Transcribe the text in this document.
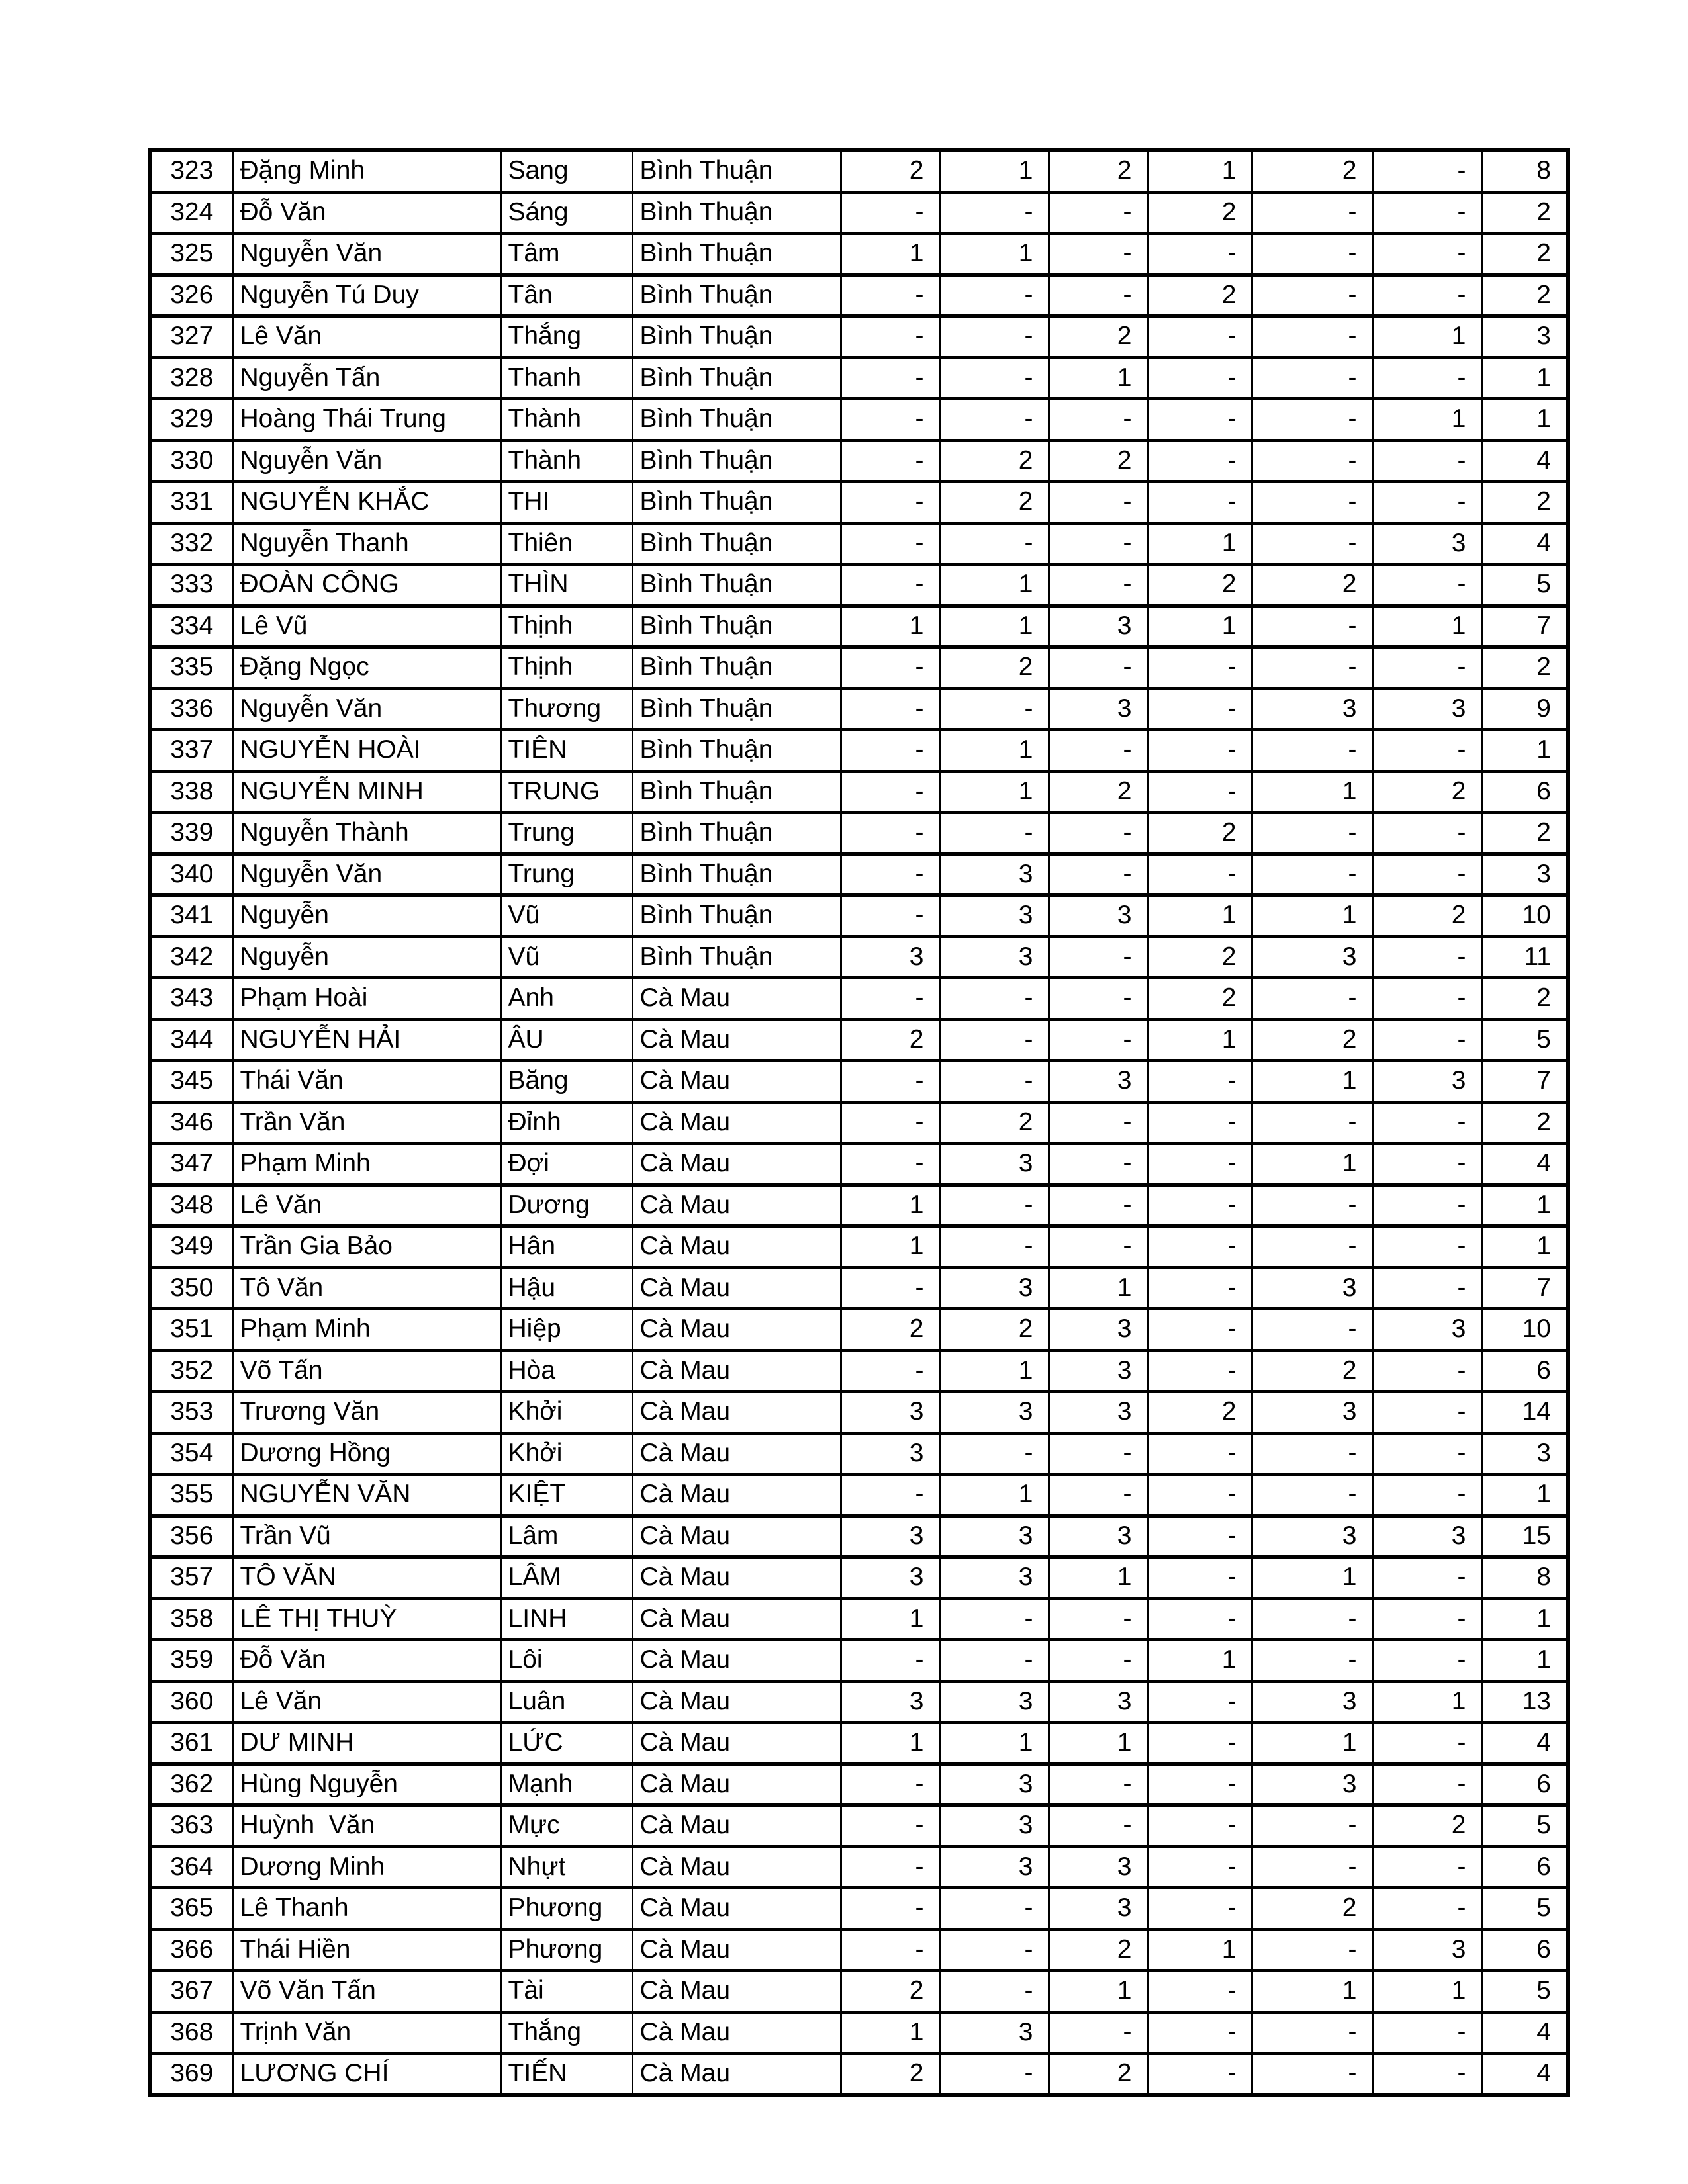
323	Đặng Minh	Sang	Bình Thuận	2	1	2	1	2	-	8
324	Đỗ Văn	Sáng	Bình Thuận	-	-	-	2	-	-	2
325	Nguyễn Văn	Tâm	Bình Thuận	1	1	-	-	-	-	2
326	Nguyễn Tú Duy	Tân	Bình Thuận	-	-	-	2	-	-	2
327	Lê Văn	Thắng	Bình Thuận	-	-	2	-	-	1	3
328	Nguyễn Tấn	Thanh	Bình Thuận	-	-	1	-	-	-	1
329	Hoàng Thái Trung	Thành	Bình Thuận	-	-	-	-	-	1	1
330	Nguyễn Văn	Thành	Bình Thuận	-	2	2	-	-	-	4
331	NGUYỄN KHẮC	THI	Bình Thuận	-	2	-	-	-	-	2
332	Nguyễn Thanh	Thiên	Bình Thuận	-	-	-	1	-	3	4
333	ĐOÀN CÔNG	THÌN	Bình Thuận	-	1	-	2	2	-	5
334	Lê Vũ	Thịnh	Bình Thuận	1	1	3	1	-	1	7
335	Đặng Ngọc	Thịnh	Bình Thuận	-	2	-	-	-	-	2
336	Nguyễn Văn	Thương	Bình Thuận	-	-	3	-	3	3	9
337	NGUYỄN HOÀI	TIÊN	Bình Thuận	-	1	-	-	-	-	1
338	NGUYỄN MINH	TRUNG	Bình Thuận	-	1	2	-	1	2	6
339	Nguyễn Thành	Trung	Bình Thuận	-	-	-	2	-	-	2
340	Nguyễn Văn	Trung	Bình Thuận	-	3	-	-	-	-	3
341	Nguyễn	Vũ	Bình Thuận	-	3	3	1	1	2	10
342	Nguyễn	Vũ	Bình Thuận	3	3	-	2	3	-	11
343	Phạm Hoài	Anh	Cà Mau	-	-	-	2	-	-	2
344	NGUYỄN HẢI	ÂU	Cà Mau	2	-	-	1	2	-	5
345	Thái Văn	Băng	Cà Mau	-	-	3	-	1	3	7
346	Trần Văn	Đỉnh	Cà Mau	-	2	-	-	-	-	2
347	Phạm Minh	Đợi	Cà Mau	-	3	-	-	1	-	4
348	Lê Văn	Dương	Cà Mau	1	-	-	-	-	-	1
349	Trần Gia Bảo	Hân	Cà Mau	1	-	-	-	-	-	1
350	Tô Văn	Hậu	Cà Mau	-	3	1	-	3	-	7
351	Phạm Minh	Hiệp	Cà Mau	2	2	3	-	-	3	10
352	Võ Tấn	Hòa	Cà Mau	-	1	3	-	2	-	6
353	Trương Văn	Khởi	Cà Mau	3	3	3	2	3	-	14
354	Dương Hồng	Khởi	Cà Mau	3	-	-	-	-	-	3
355	NGUYỄN VĂN	KIỆT	Cà Mau	-	1	-	-	-	-	1
356	Trần Vũ	Lâm	Cà Mau	3	3	3	-	3	3	15
357	TÔ VĂN	LÂM	Cà Mau	3	3	1	-	1	-	8
358	LÊ THỊ THUỲ	LINH	Cà Mau	1	-	-	-	-	-	1
359	Đỗ Văn	Lôi	Cà Mau	-	-	-	1	-	-	1
360	Lê Văn	Luân	Cà Mau	3	3	3	-	3	1	13
361	DƯ MINH	LỨC	Cà Mau	1	1	1	-	1	-	4
362	Hùng Nguyễn	Mạnh	Cà Mau	-	3	-	-	3	-	6
363	Huỳnh  Văn	Mực	Cà Mau	-	3	-	-	-	2	5
364	Dương Minh	Nhựt	Cà Mau	-	3	3	-	-	-	6
365	Lê Thanh	Phương	Cà Mau	-	-	3	-	2	-	5
366	Thái Hiền	Phương	Cà Mau	-	-	2	1	-	3	6
367	Võ Văn Tấn	Tài	Cà Mau	2	-	1	-	1	1	5
368	Trịnh Văn	Thắng	Cà Mau	1	3	-	-	-	-	4
369	LƯƠNG CHÍ	TIẾN	Cà Mau	2	-	2	-	-	-	4
